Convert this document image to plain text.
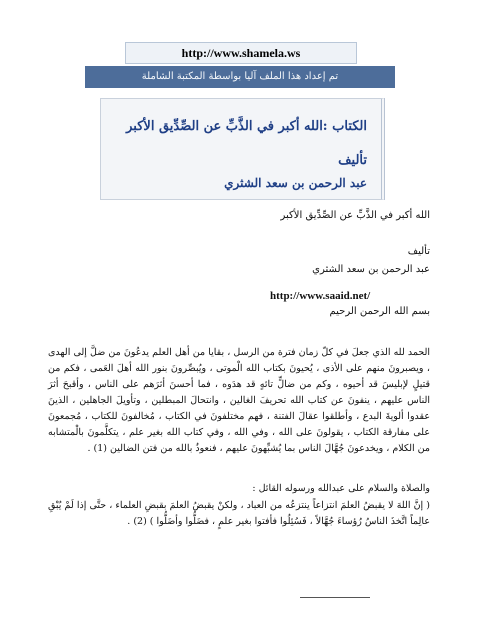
http://www.shamela.ws
تم إعداد هذا الملف آليا بواسطة المكتبة الشاملة
الكتاب :الله أكبر في الذَّبِّ عن الصِّدِّيق الأكبر
تأليف
عبد الرحمن بن سعد الشثري
الله أكبر في الذَّبِّ عن الصِّدِّيق الأكبر
تأليف
عبد الرحمن بن سعد الشثري
http://www.saaid.net/
بسم الله الرحمن الرحيم
الحمد لله الذي جعلَ في كلّ زمان فترة من الرسل ، بقايا من أهل العلم يدعُونَ من ضلَّ إلى الهدى ، ويصبرونَ منهم على الأذى ، يُحيونَ بكتاب الله الْموتى ، ويُبصِّرونَ بنور الله أهلَ العَمى ، فكم من قتيلٍ لإبليسَ قد أحيوه ، وكم من ضالٍّ تائهٍ قد هدَوه ، فما أحسنَ أثرَهم على الناس ، وأقبحَ أثرَ الناس عليهم ، ينفونَ عن كتاب الله تحريفَ الغالين ، وانتحالَ المبطلين ، وتأويلَ الجاهلين ، الذينَ عقدوا ألويةَ البدع ، وأطلقوا عقالَ الفتنة ، فهم مختلفونَ في الكتاب ، مُخالفونَ للكتاب ، مُجمعونَ على مفارقة الكتاب ، يقولونَ على الله ، وفي الله ، وفي كتاب الله بغير علم ، يتكلَّمونَ بالْمتشابه من الكلام ، ويخدعونَ جُهَّالَ الناس بما يُشبِّهونَ عليهم ، فنعوذُ بالله من فتن الضالين (1) .
والصلاة والسلام على عبدالله ورسوله القائل :
( إنَّ اللهَ لا يقبضُ العلمَ انتزاعاً ينتزعُه من العباد ، ولكنْ يقبضُ العلمَ بقبضِ العلماء ، حتَّى إذا لَمْ يُبْقِ عالِماً اتَّخذَ الناسُ رُؤساءَ جُهَّالاً ، فَسُئِلُوا فأفتوا بغير علمٍ ، فضَلُّوا وأضَلُّوا ) (2) .
